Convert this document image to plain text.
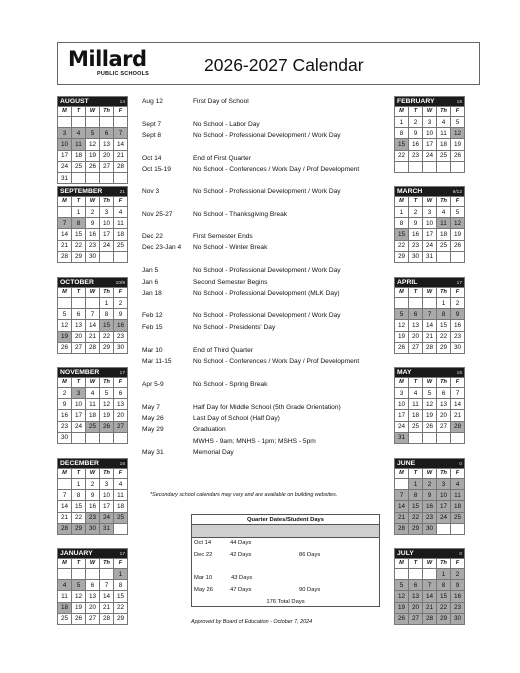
Millard
PUBLIC SCHOOLS	2026-2027 Calendar
AUGUST 14				

M	T	W	Th	F

3	4	5	6	7
10	11	12	13	14
17	18	19	20	21
24	25	26	27	28
31				
SEPTEMBER 21				

M	T	W	Th	F
	1	2	3	4
7	8	9	10	11
14	15	16	17	18
21	22	23	24	25
28	29	30		
OCTOBER 10/9				

M	T	W	Th	F
			1	2
5	6	7	8	9
12	13	14	15	16
19	20	21	22	23
26	27	28	29	30
NOVEMBER 17				

M	T	W	Th	F
2	3	4	5	6
9	10	11	12	13
16	17	18	19	20
23	24	25	26	27
30				
DECEMBER 16				

M	T	W	Th	F
	1	2	3	4
7	8	9	10	11
14	15	16	17	18
21	22	23	24	25
28	29	30	31	
JANUARY 17				

M	T	W	Th	F
				1
4	5	6	7	8
11	12	13	14	15
18	19	20	21	22
25	26	27	28	29
FEBRUARY 18				

M	T	W	Th	F
1	2	3	4	5
8	9	10	11	12
15	16	17	18	19
22	23	24	25	26

MARCH 9/12				

M	T	W	Th	F
1	2	3	4	5
8	9	10	11	12
15	16	17	18	19
22	23	24	25	26
29	30	31		
APRIL 17				

M	T	W	Th	F
			1	2
5	6	7	8	9
12	13	14	15	16
19	20	21	22	23
26	27	28	29	30
MAY 18				

M	T	W	Th	F
3	4	5	6	7
10	11	12	13	14
17	18	19	20	21
24	25	26	27	28
31				
JUNE 0				

M	T	W	Th	F
	1	2	3	4
7	8	9	10	11
14	15	16	17	18
21	22	23	24	25
28	29	30		
JULY 0				

M	T	W	Th	F
			1	2
5	6	7	8	9
12	13	14	15	16
19	20	21	22	23
26	27	28	29	30
Aug 12	First Day of School
Sept 7	No School - Labor Day
Sept 8	No School - Professional Development / Work Day
Oct 14	End of First Quarter
Oct 15-19	No School - Conferences / Work Day / Prof Development
Nov 3	No School - Professional Development / Work Day
Nov 25-27	No School - Thanksgiving Break
Dec 22	First Semester Ends
Dec 23-Jan 4 No School - Winter Break
Jan 5	No School - Professional Development / Work Day
Jan 6	Second Semester Begins
Jan 18	No School - Professional Development (MLK Day)
Feb 12	No School - Professional Development / Work Day
Feb 15	No School - Presidents' Day
Mar 10	End of Third Quarter
Mar 11-15	No School - Conferences / Work Day / Prof Development
Apr 5-9	No School - Spring Break
May 7	Half Day for Middle School (5th Grade Orientation)
May 26	Last Day of School (Half Day)
May 29	Graduation
MWHS - 9am; MNHS - 1pm; MSHS - 5pm
May 31	Memorial Day
*Secondary school calendars may vary and are available on building websites.
Quarter Dates/Student Days
Oct 14	44 Days
Dec 22	42 Days	86 Days
Mar 10	43 Days
May 26	47 Days	90 Days
176 Total Days
Approved by Board of Education - October 7, 2024
